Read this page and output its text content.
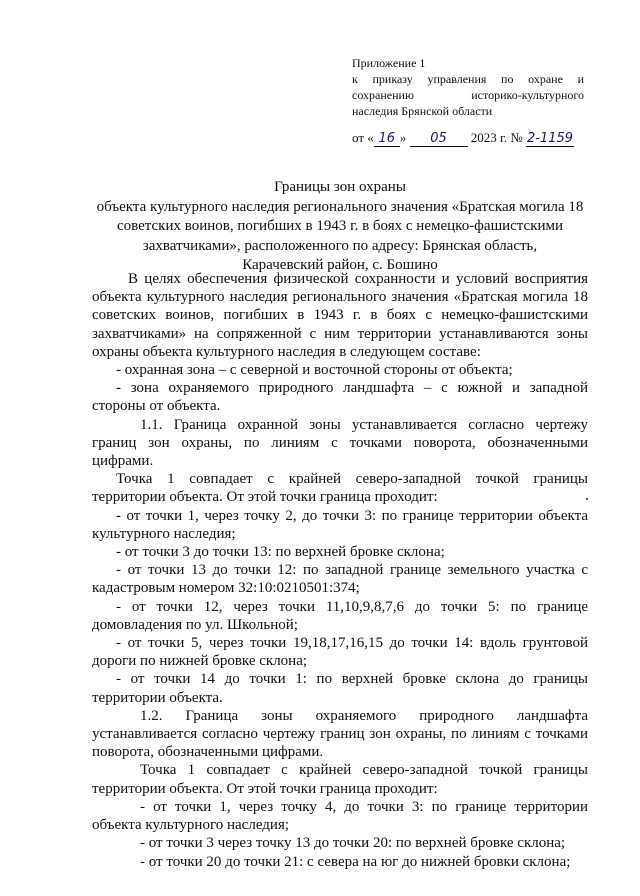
Приложение 1
к приказу управления по охране и сохранению историко-культурного
наследия Брянской области
от « 16 » 05 2023 г. № 2-1159
Границы зон охраны
объекта культурного наследия регионального значения «Братская могила 18
советских воинов, погибших в 1943 г. в боях с немецко-фашистскими
захватчиками», расположенного по адресу: Брянская область,
Карачевский район, с. Бошино

В целях обеспечения физической сохранности и условий восприятия объекта культурного наследия регионального значения «Братская могила 18 советских воинов, погибших в 1943 г. в боях с немецко-фашистскими захватчиками» на сопряженной с ним территории устанавливаются зоны охраны объекта культурного наследия в следующем составе:

- охранная зона – с северной и восточной стороны от объекта;

- зона охраняемого природного ландшафта – с южной и западной стороны от объекта.

1.1. Граница охранной зоны устанавливается согласно чертежу границ зон охраны, по линиям с точками поворота, обозначенными цифрами.

Точка 1 совпадает с крайней северо-западной точкой границы территории объекта. От этой точки граница проходит:

- от точки 1, через точку 2, до точки 3: по границе территории объекта культурного наследия;

- от точки 3 до точки 13: по верхней бровке склона;

- от точки 13 до точки 12: по западной границе земельного участка с кадастровым номером 32:10:0210501:374;

- от точки 12, через точки 11,10,9,8,7,6 до точки 5: по границе домовладения по ул. Школьной;

- от точки 5, через точки 19,18,17,16,15 до точки 14: вдоль грунтовой дороги по нижней бровке склона;

- от точки 14 до точки 1: по верхней бровке склона до границы территории объекта.

1.2. Граница зоны охраняемого природного ландшафта устанавливается согласно чертежу границ зон охраны, по линиям с точками поворота, обозначенными цифрами.

Точка 1 совпадает с крайней северо-западной точкой границы территории объекта. От этой точки граница проходит:

- от точки 1, через точку 4, до точки 3: по границе территории объекта культурного наследия;

- от точки 3 через точку 13 до точки 20: по верхней бровке склона;

- от точки 20 до точки 21: с севера на юг до нижней бровки склона;
